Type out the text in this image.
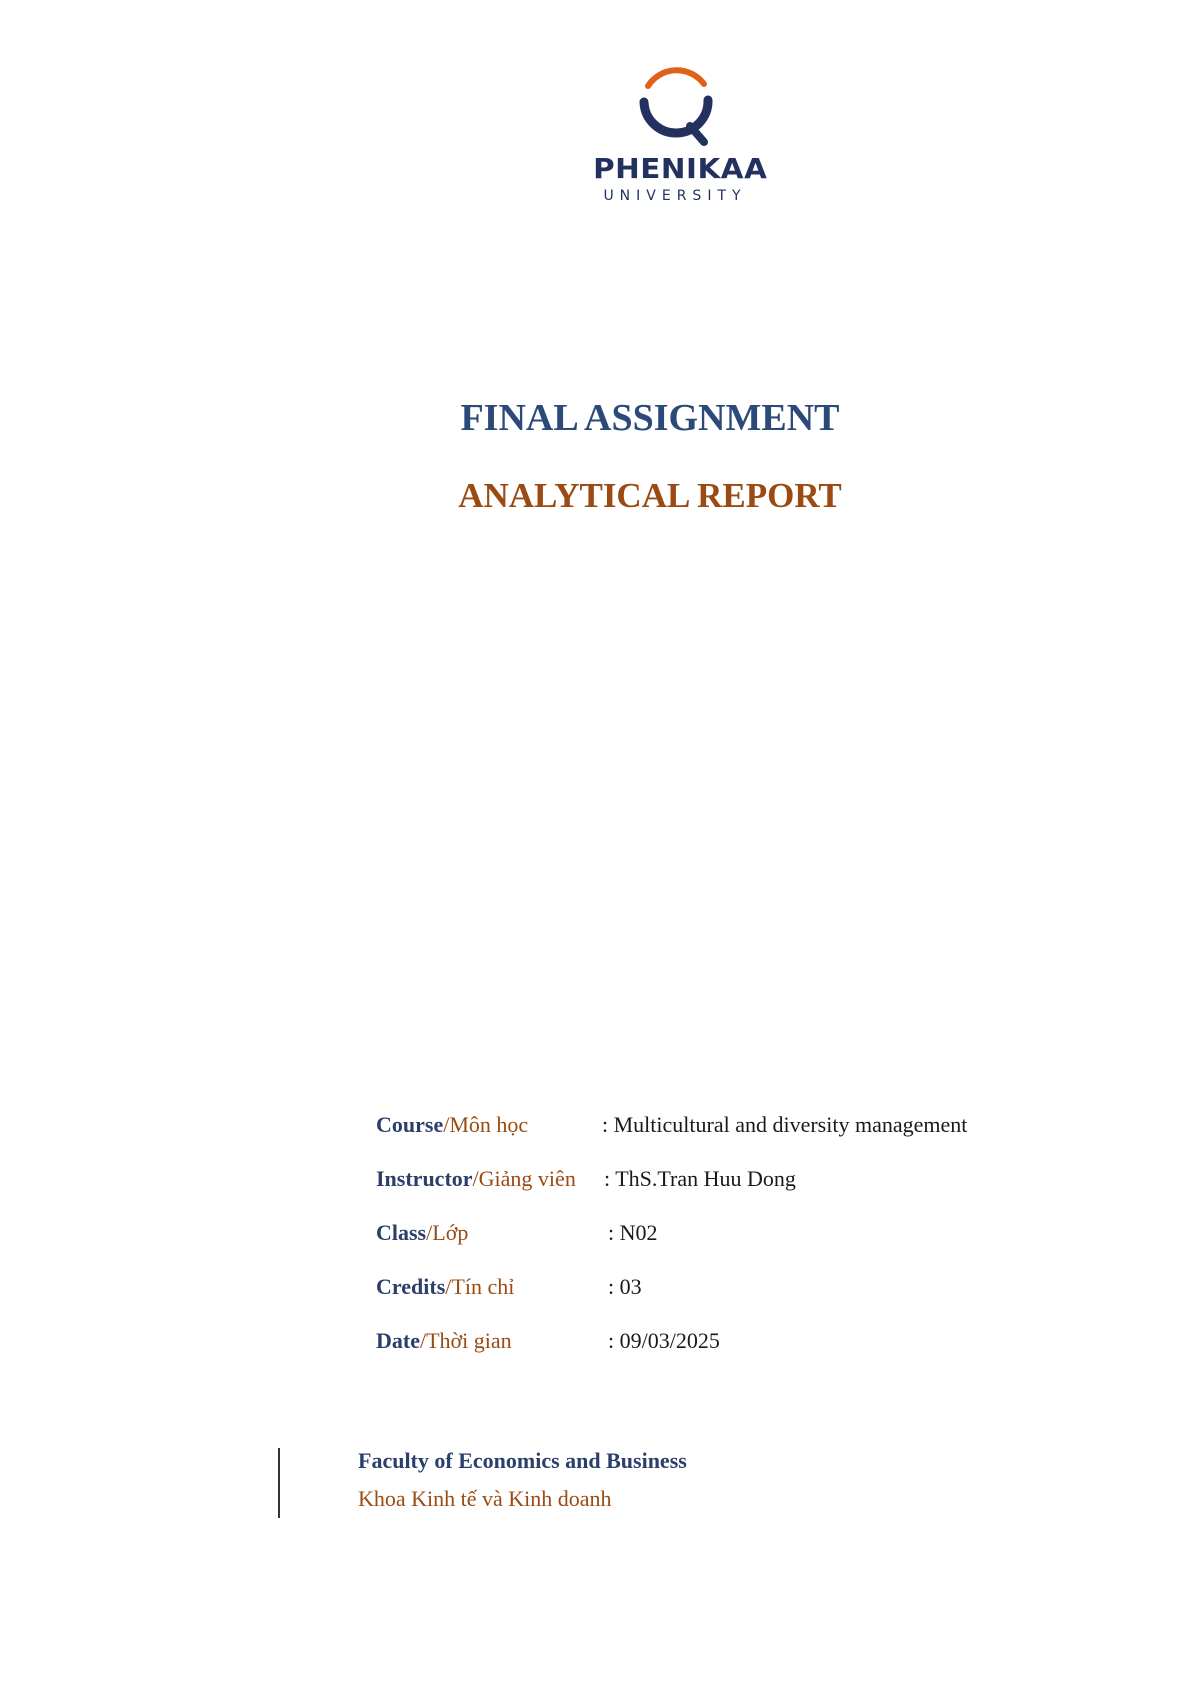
PHENIKAA
UNIVERSITY
FINAL ASSIGNMENT
ANALYTICAL REPORT
Course/Môn học	: Multicultural and diversity management
Instructor/Giảng viên : ThS.Tran Huu Dong
Class/Lớp	: N02
Credits/Tín chỉ	: 03
Date/Thời gian	: 09/03/2025
Faculty of Economics and Business
Khoa Kinh tế và Kinh doanh
